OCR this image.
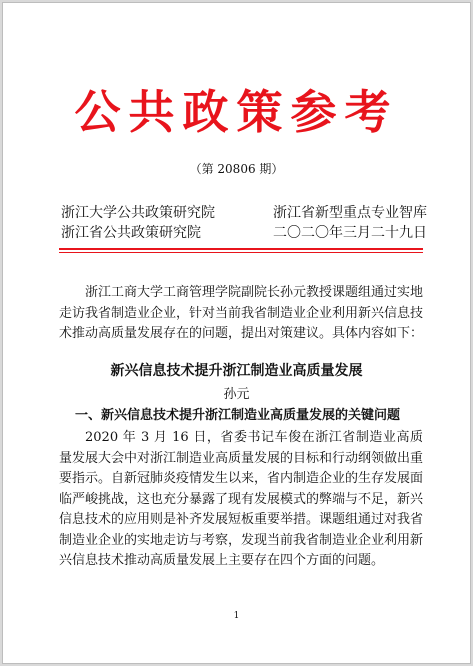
公共政策参考
（第 20806 期）
浙江大学公共政策研究院
浙江省公共政策研究院
浙江省新型重点专业智库
二〇二〇年三月二十九日
浙江工商大学工商管理学院副院长孙元教授课题组通过实地走访我省制造业企业，针对当前我省制造业企业利用新兴信息技术推动高质量发展存在的问题，提出对策建议。具体内容如下：
新兴信息技术提升浙江制造业高质量发展
孙元
一、新兴信息技术提升浙江制造业高质量发展的关键问题
2020 年 3 月 16 日，省委书记车俊在浙江省制造业高质量发展大会中对浙江制造业高质量发展的目标和行动纲领做出重要指示。自新冠肺炎疫情发生以来，省内制造企业的生存发展面临严峻挑战，这也充分暴露了现有发展模式的弊端与不足，新兴信息技术的应用则是补齐发展短板重要举措。课题组通过对我省制造业企业的实地走访与考察，发现当前我省制造业企业利用新兴信息技术推动高质量发展上主要存在四个方面的问题。
1
